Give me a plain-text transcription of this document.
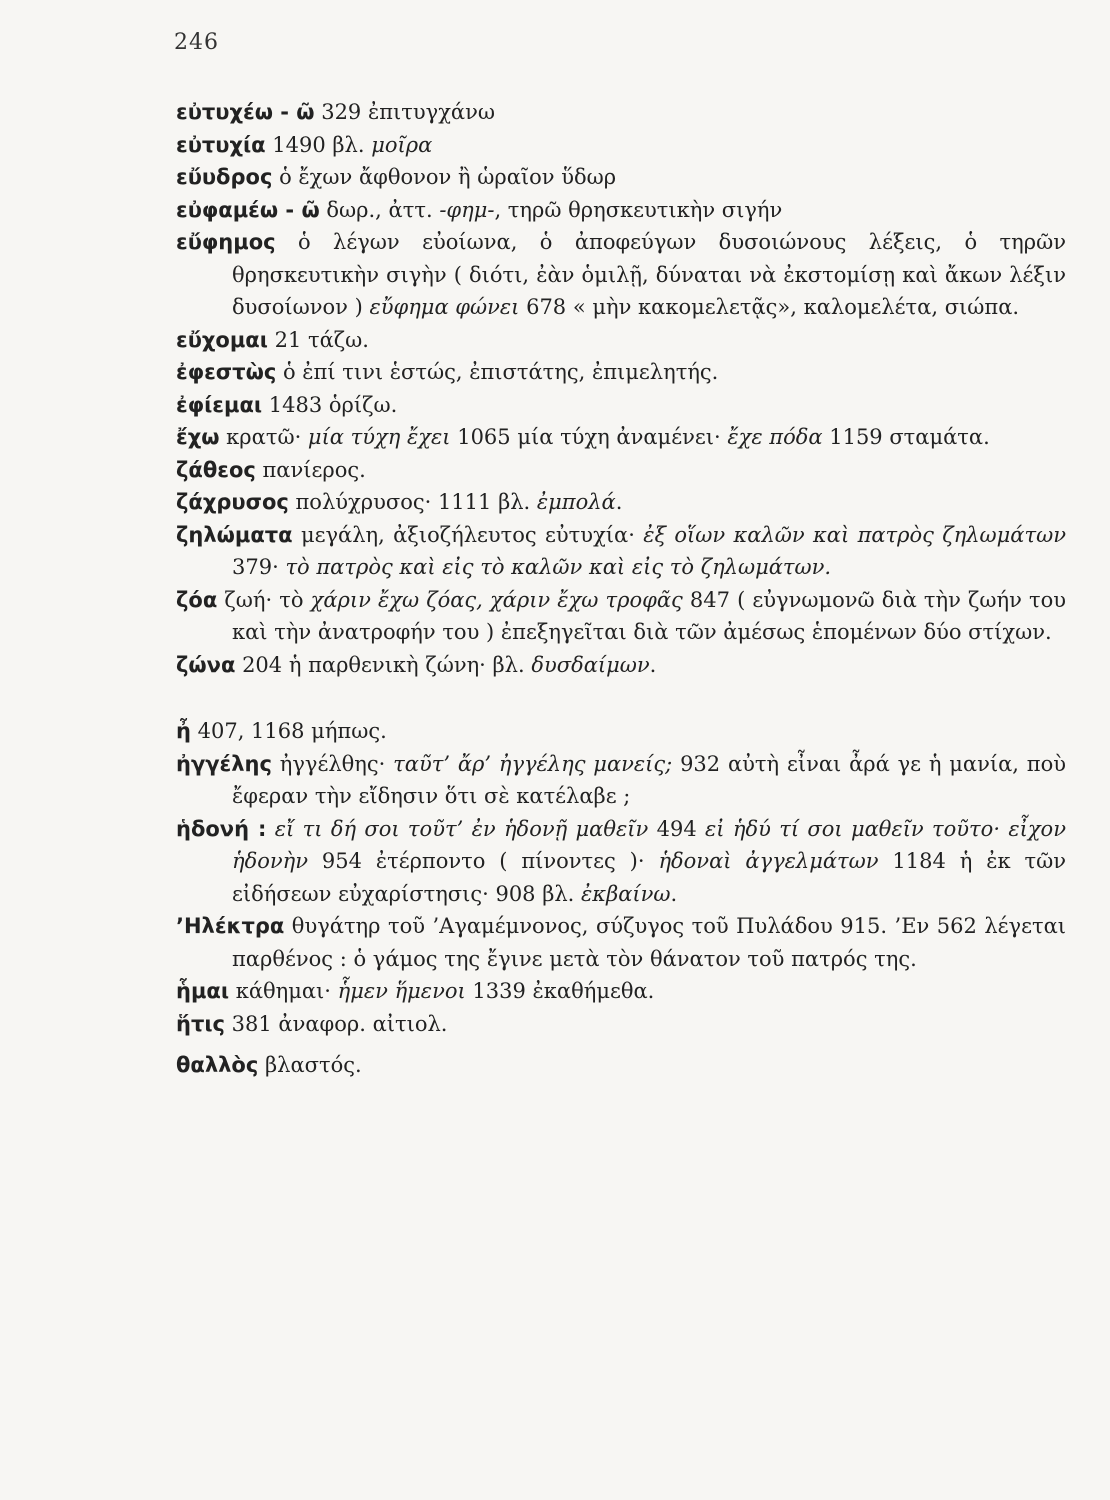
246

εὐτυχέω - ῶ 329 ἐπιτυγχάνω

εὐτυχία 1490 βλ. μοῖρα

εὔυδρος ὁ ἔχων ἄφθονον ἢ ὡραῖον ὕδωρ

εὐφαμέω - ῶ δωρ., ἀττ. -φημ-, τηρῶ θρησκευτικὴν σιγήν

εὔφημος ὁ λέγων εὐοίωνα, ὁ ἀποφεύγων δυσοιώνους λέξεις, ὁ τηρῶν θρησκευτικὴν σιγὴν ( διότι, ἐὰν ὁμιλῇ, δύναται νὰ ἐκστομίσῃ καὶ ἄκων λέξιν δυσοίωνον ) εὔφημα φώνει 678 « μὴν κακομελετᾷς», καλομελέτα, σιώπα.

εὔχομαι 21 τάζω.

ἐφεστὼς ὁ ἐπί τινι ἑστώς, ἐπιστάτης, ἐπιμελητής.

ἐφίεμαι 1483 ὁρίζω.

ἔχω κρατῶ· μία τύχη ἔχει 1065 μία τύχη ἀναμένει· ἔχε πόδα 1159 σταμάτα.

ζάθεος πανίερος.

ζάχρυσος πολύχρυσος· 1111 βλ. ἐμπολά.

ζηλώματα μεγάλη, ἀξιοζήλευτος εὐτυχία· ἐξ οἵων καλῶν καὶ πατρὸς ζηλωμάτων 379· τὸ πατρὸς καὶ εἰς τὸ καλῶν καὶ εἰς τὸ ζηλωμάτων.

ζόα ζωή· τὸ χάριν ἔχω ζόας, χάριν ἔχω τροφᾶς 847 ( εὐγνωμονῶ διὰ τὴν ζωήν του καὶ τὴν ἀνατροφήν του ) ἐπεξηγεῖται διὰ τῶν ἀμέσως ἑπομένων δύο στίχων.

ζώνα 204 ἡ παρθενικὴ ζώνη· βλ. δυσδαίμων.

ἦ 407, 1168 μήπως.

ἠγγέλης ἠγγέλθης· ταῦτ’ ἄρ’ ἠγγέλης μανείς; 932 αὐτὴ εἶναι ἆρά γε ἡ μανία, ποὺ ἔφεραν τὴν εἴδησιν ὅτι σὲ κατέλαβε ;

ἡδονή : εἴ τι δή σοι τοῦτ’ ἐν ἡδονῇ μαθεῖν 494 εἰ ἡδύ τί σοι μαθεῖν τοῦτο· εἶχον ἡδονὴν 954 ἐτέρποντο ( πίνοντες )· ἡδοναὶ ἀγγελμάτων 1184 ἡ ἐκ τῶν εἰδήσεων εὐχαρίστησις· 908 βλ. ἐκβαίνω.

’Ηλέκτρα θυγάτηρ τοῦ ’Αγαμέμνονος, σύζυγος τοῦ Πυλάδου 915. ’Εν 562 λέγεται παρθένος : ὁ γάμος της ἔγινε μετὰ τὸν θάνατον τοῦ πατρός της.

ἧμαι κάθημαι· ἧμεν ἥμενοι 1339 ἐκαθήμεθα.

ἥτις 381 ἀναφορ. αἰτιολ.

θαλλὸς βλαστός.
